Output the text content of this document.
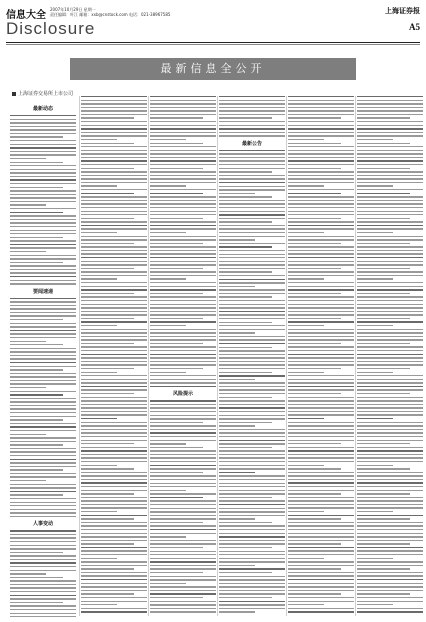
信息大全
2007年10月29日 星期一
责任编辑：叶江 邮箱：xxb@cnstock.com 电话：021-38967585	上海证券报
Disclosure	A5
最新信息全公开
上海证券交易所上市公司
最新动态
要闻速递
人事变动
风险提示
最新公告
